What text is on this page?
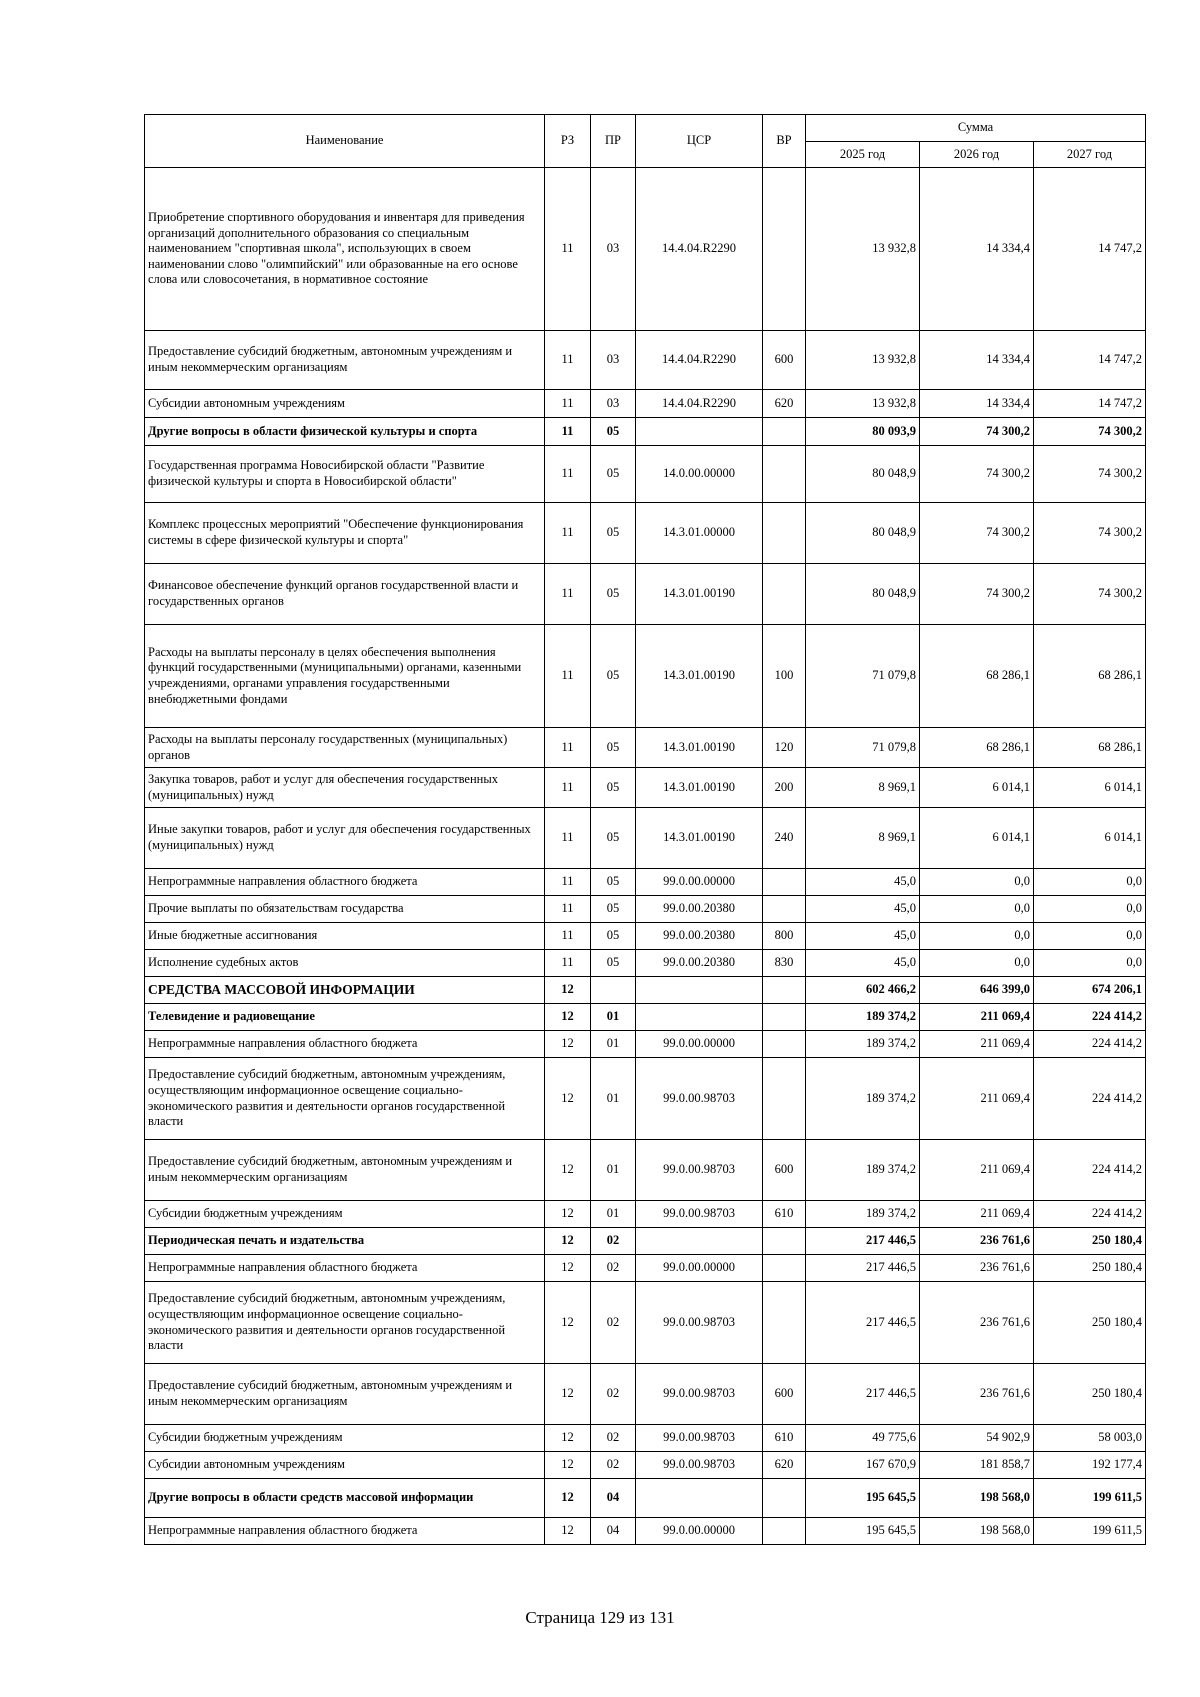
Наименование	РЗ	ПР	ЦСР	ВР	Сумма		
					2025 год	2026 год	2027 год
Приобретение спортивного оборудования и инвентаря для приведения организаций дополнительного образования со специальным наименованием "спортивная школа", использующих в своем наименовании слово "олимпийский" или образованные на его основе слова или словосочетания, в нормативное состояние	11	03	14.4.04.R2290		13 932,8	14 334,4	14 747,2
Предоставление субсидий бюджетным, автономным учреждениям и иным некоммерческим организациям	11	03	14.4.04.R2290	600	13 932,8	14 334,4	14 747,2
Субсидии автономным учреждениям	11	03	14.4.04.R2290	620	13 932,8	14 334,4	14 747,2
Другие вопросы в области физической культуры и спорта	11	05			80 093,9	74 300,2	74 300,2
Государственная программа Новосибирской области "Развитие физической культуры и спорта в Новосибирской области"	11	05	14.0.00.00000		80 048,9	74 300,2	74 300,2
Комплекс процессных мероприятий "Обеспечение функционирования системы в сфере физической культуры и спорта"	11	05	14.3.01.00000		80 048,9	74 300,2	74 300,2
Финансовое обеспечение функций органов государственной власти и государственных органов	11	05	14.3.01.00190		80 048,9	74 300,2	74 300,2
Расходы на выплаты персоналу в целях обеспечения выполнения функций государственными (муниципальными) органами, казенными учреждениями, органами управления государственными внебюджетными фондами	11	05	14.3.01.00190	100	71 079,8	68 286,1	68 286,1
Расходы на выплаты персоналу государственных (муниципальных) органов	11	05	14.3.01.00190	120	71 079,8	68 286,1	68 286,1
Закупка товаров, работ и услуг для обеспечения государственных (муниципальных) нужд	11	05	14.3.01.00190	200	8 969,1	6 014,1	6 014,1
Иные закупки товаров, работ и услуг для обеспечения государственных (муниципальных) нужд	11	05	14.3.01.00190	240	8 969,1	6 014,1	6 014,1
Непрограммные направления областного бюджета	11	05	99.0.00.00000		45,0	0,0	0,0
Прочие выплаты по обязательствам государства	11	05	99.0.00.20380		45,0	0,0	0,0
Иные бюджетные ассигнования	11	05	99.0.00.20380	800	45,0	0,0	0,0
Исполнение судебных актов	11	05	99.0.00.20380	830	45,0	0,0	0,0
СРЕДСТВА МАССОВОЙ ИНФОРМАЦИИ	12				602 466,2	646 399,0	674 206,1
Телевидение и радиовещание	12	01			189 374,2	211 069,4	224 414,2
Непрограммные направления областного бюджета	12	01	99.0.00.00000		189 374,2	211 069,4	224 414,2
Предоставление субсидий бюджетным, автономным учреждениям, осуществляющим информационное освещение социально-экономического развития и деятельности органов государственной власти	12	01	99.0.00.98703		189 374,2	211 069,4	224 414,2
Предоставление субсидий бюджетным, автономным учреждениям и иным некоммерческим организациям	12	01	99.0.00.98703	600	189 374,2	211 069,4	224 414,2
Субсидии бюджетным учреждениям	12	01	99.0.00.98703	610	189 374,2	211 069,4	224 414,2
Периодическая печать и издательства	12	02			217 446,5	236 761,6	250 180,4
Непрограммные направления областного бюджета	12	02	99.0.00.00000		217 446,5	236 761,6	250 180,4
Предоставление субсидий бюджетным, автономным учреждениям, осуществляющим информационное освещение социально-экономического развития и деятельности органов государственной власти	12	02	99.0.00.98703		217 446,5	236 761,6	250 180,4
Предоставление субсидий бюджетным, автономным учреждениям и иным некоммерческим организациям	12	02	99.0.00.98703	600	217 446,5	236 761,6	250 180,4
Субсидии бюджетным учреждениям	12	02	99.0.00.98703	610	49 775,6	54 902,9	58 003,0
Субсидии автономным учреждениям	12	02	99.0.00.98703	620	167 670,9	181 858,7	192 177,4
Другие вопросы в области средств массовой информации	12	04			195 645,5	198 568,0	199 611,5
Непрограммные направления областного бюджета	12	04	99.0.00.00000		195 645,5	198 568,0	199 611,5
Страница 129 из 131
